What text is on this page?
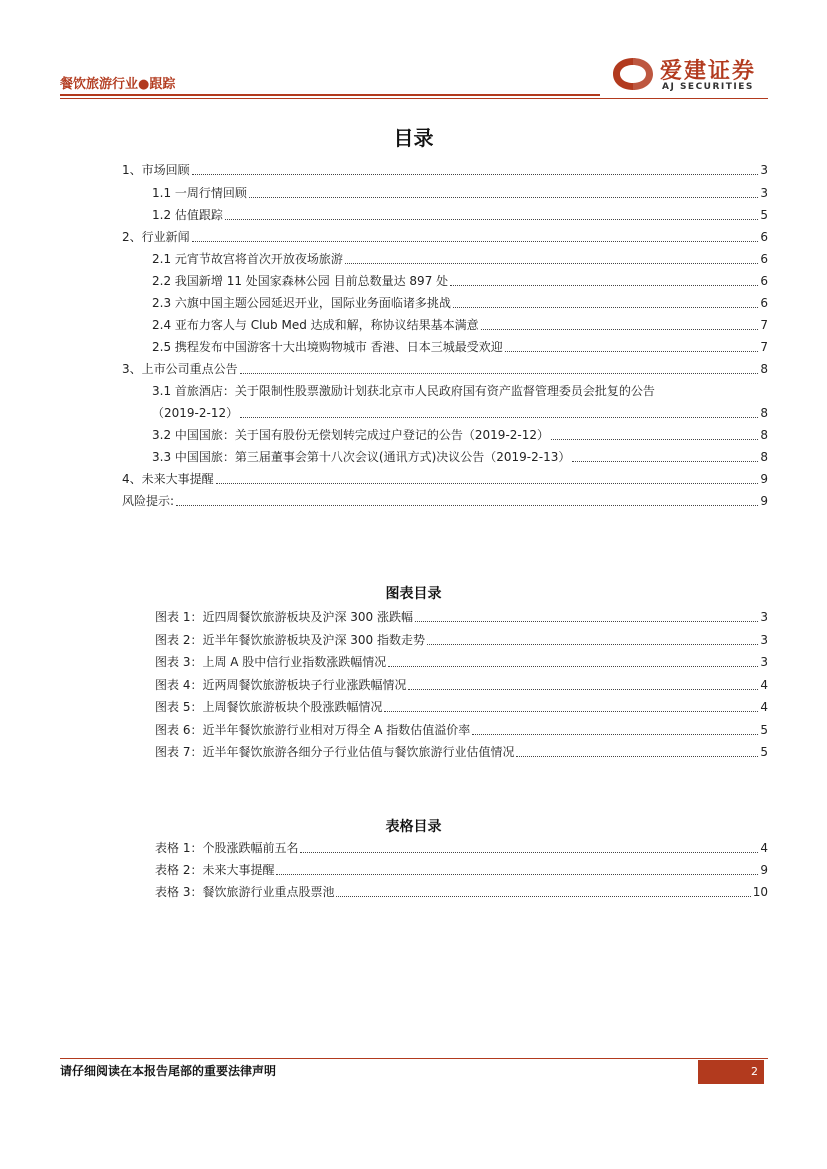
餐饮旅游行业●跟踪
爱建证券
AJ SECURITIES
目录
1、市场回顾	3
1.1 一周行情回顾	3
1.2 估值跟踪	5
2、行业新闻	6
2.1 元宵节故宫将首次开放夜场旅游	6
2.2 我国新增 11 处国家森林公园 目前总数量达 897 处	6
2.3 六旗中国主题公园延迟开业，国际业务面临诸多挑战	6
2.4 亚布力客人与 Club Med 达成和解，称协议结果基本满意	7
2.5 携程发布中国游客十大出境购物城市 香港、日本三城最受欢迎	7
3、上市公司重点公告	8
3.1 首旅酒店：关于限制性股票激励计划获北京市人民政府国有资产监督管理委员会批复的公告
（2019-2-12）	8
3.2 中国国旅：关于国有股份无偿划转完成过户登记的公告（2019-2-12）	8
3.3 中国国旅：第三届董事会第十八次会议(通讯方式)决议公告（2019-2-13）	8
4、未来大事提醒	9
风险提示:	9
图表目录
图表 1：近四周餐饮旅游板块及沪深 300 涨跌幅	3
图表 2：近半年餐饮旅游板块及沪深 300 指数走势	3
图表 3：上周 A 股中信行业指数涨跌幅情况	3
图表 4：近两周餐饮旅游板块子行业涨跌幅情况	4
图表 5：上周餐饮旅游板块个股涨跌幅情况	4
图表 6：近半年餐饮旅游行业相对万得全 A 指数估值溢价率	5
图表 7：近半年餐饮旅游各细分子行业估值与餐饮旅游行业估值情况	5
表格目录
表格 1：个股涨跌幅前五名	4
表格 2：未来大事提醒	9
表格 3：餐饮旅游行业重点股票池	10
请仔细阅读在本报告尾部的重要法律声明	2
